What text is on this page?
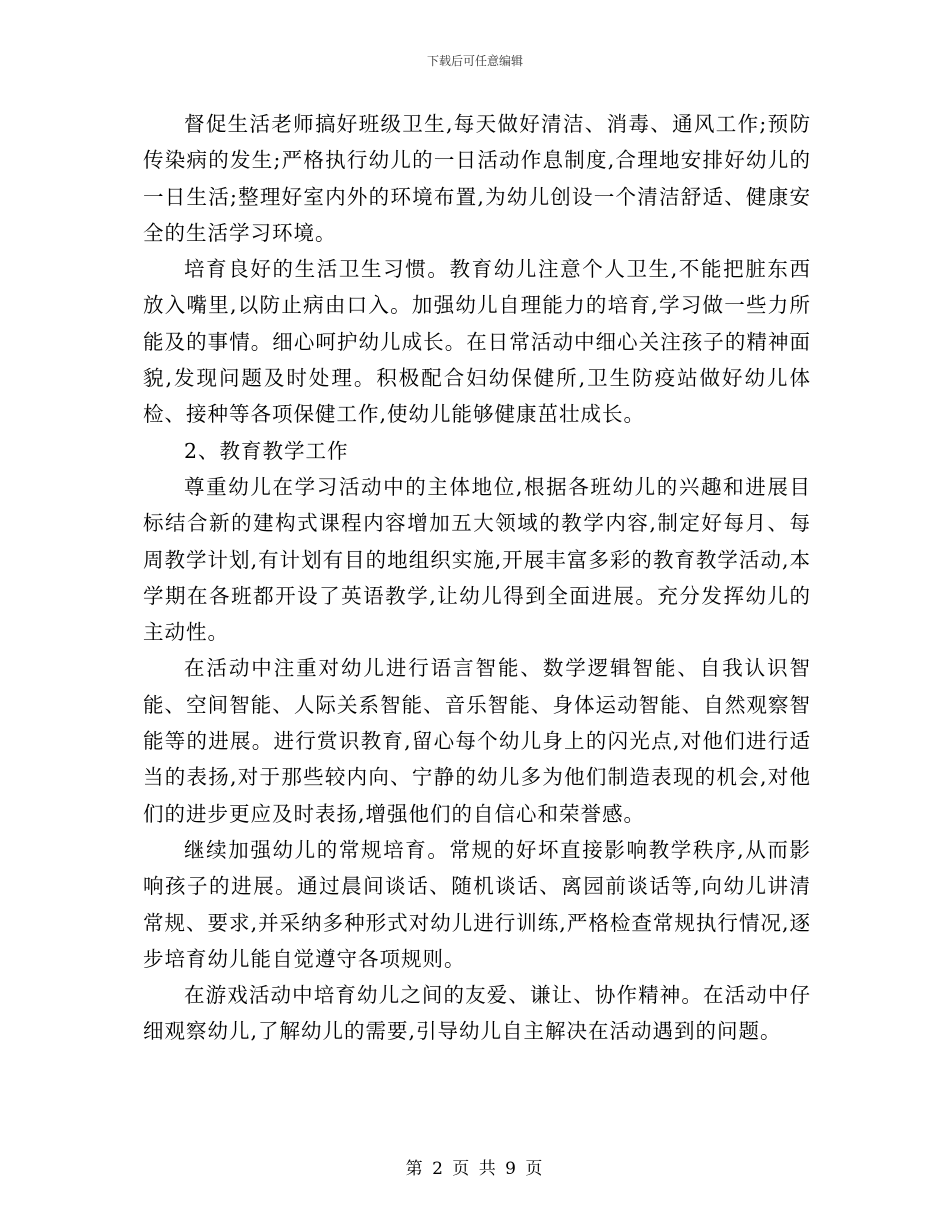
下载后可任意编辑

督促生活老师搞好班级卫生,每天做好清洁、消毒、通风工作;预防传染病的发生;严格执行幼儿的一日活动作息制度,合理地安排好幼儿的一日生活;整理好室内外的环境布置,为幼儿创设一个清洁舒适、健康安全的生活学习环境。

培育良好的生活卫生习惯。教育幼儿注意个人卫生,不能把脏东西放入嘴里,以防止病由口入。加强幼儿自理能力的培育,学习做一些力所能及的事情。细心呵护幼儿成长。在日常活动中细心关注孩子的精神面貌,发现问题及时处理。积极配合妇幼保健所,卫生防疫站做好幼儿体检、接种等各项保健工作,使幼儿能够健康茁壮成长。

2、教育教学工作

尊重幼儿在学习活动中的主体地位,根据各班幼儿的兴趣和进展目标结合新的建构式课程内容增加五大领域的教学内容,制定好每月、每周教学计划,有计划有目的地组织实施,开展丰富多彩的教育教学活动,本学期在各班都开设了英语教学,让幼儿得到全面进展。充分发挥幼儿的主动性。

在活动中注重对幼儿进行语言智能、数学逻辑智能、自我认识智能、空间智能、人际关系智能、音乐智能、身体运动智能、自然观察智能等的进展。进行赏识教育,留心每个幼儿身上的闪光点,对他们进行适当的表扬,对于那些较内向、宁静的幼儿多为他们制造表现的机会,对他们的进步更应及时表扬,增强他们的自信心和荣誉感。

继续加强幼儿的常规培育。常规的好坏直接影响教学秩序,从而影响孩子的进展。通过晨间谈话、随机谈话、离园前谈话等,向幼儿讲清常规、要求,并采纳多种形式对幼儿进行训练,严格检查常规执行情况,逐步培育幼儿能自觉遵守各项规则。

在游戏活动中培育幼儿之间的友爱、谦让、协作精神。在活动中仔细观察幼儿,了解幼儿的需要,引导幼儿自主解决在活动遇到的问题。

第 2 页 共 9 页
